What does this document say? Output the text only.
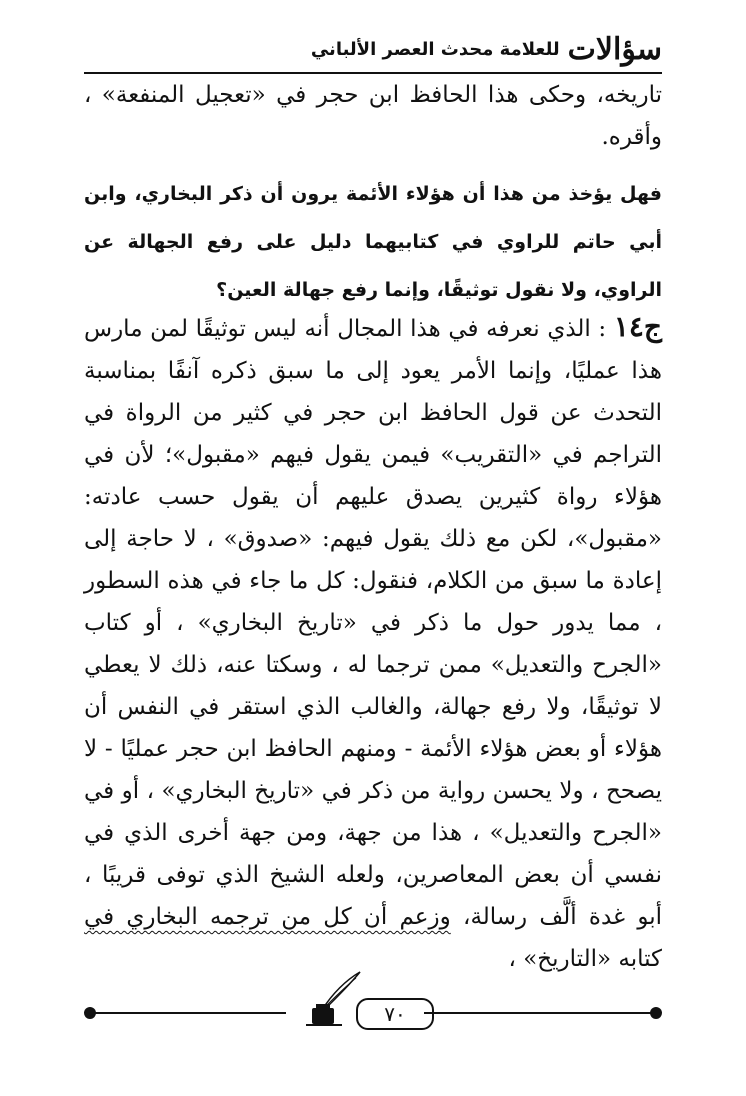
سؤالات
للعلامة محدث العصر الألباني
تاريخه، وحكى هذا الحافظ ابن حجر في «تعجيل المنفعة» ، وأقره.
فهل يؤخذ من هذا أن هؤلاء الأئمة يرون أن ذكر البخاري، وابن أبي حاتم للراوي في كتابيهما دليل على رفع الجهالة عن الراوي، ولا نقول توثيقًا، وإنما رفع جهالة العين؟
ج١٤ : الذي نعرفه في هذا المجال أنه ليس توثيقًا لمن مارس هذا عمليًا، وإنما الأمر يعود إلى ما سبق ذكره آنفًا بمناسبة التحدث عن قول الحافظ ابن حجر في كثير من الرواة في التراجم في «التقريب» فيمن يقول فيهم «مقبول»؛ لأن في هؤلاء رواة كثيرين يصدق عليهم أن يقول حسب عادته: «مقبول»، لكن مع ذلك يقول فيهم: «صدوق» ، لا حاجة إلى إعادة ما سبق من الكلام، فنقول: كل ما جاء في هذه السطور ، مما يدور حول ما ذكر في «تاريخ البخاري» ، أو كتاب «الجرح والتعديل» ممن ترجما له ، وسكتا عنه، ذلك لا يعطي لا توثيقًا، ولا رفع جهالة، والغالب الذي استقر في النفس أن هؤلاء أو بعض هؤلاء الأئمة - ومنهم الحافظ ابن حجر عمليًا - لا يصحح ، ولا يحسن رواية من ذكر في «تاريخ البخاري» ، أو في «الجرح والتعديل» ، هذا من جهة، ومن جهة أخرى الذي في نفسي أن بعض المعاصرين، ولعله الشيخ الذي توفى قريبًا ، أبو غدة ألَّف رسالة، وزعم أن كل من ترجمه البخاري في كتابه «التاريخ» ،
٧٠
